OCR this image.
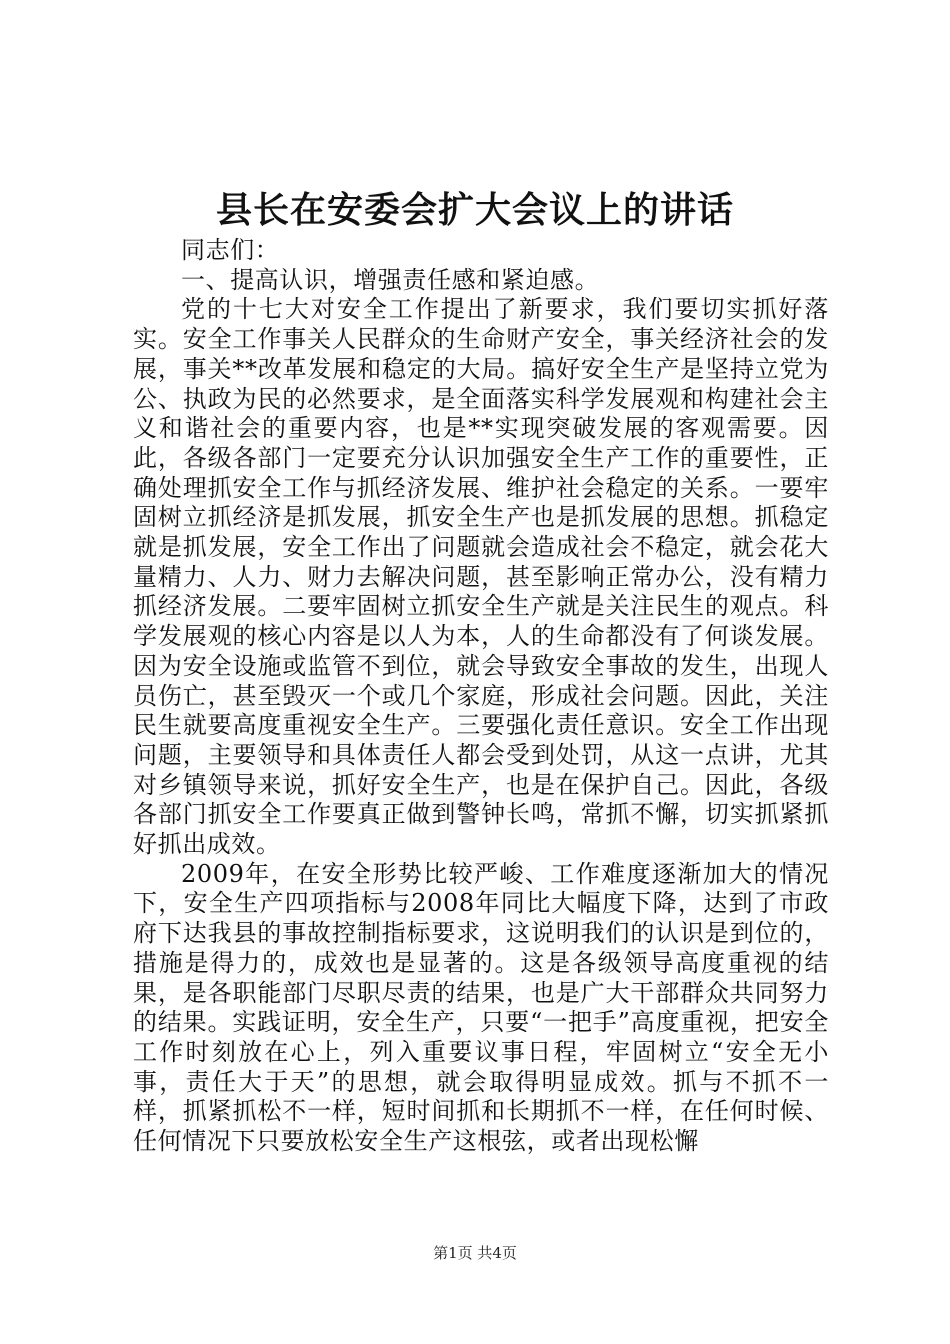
县长在安委会扩大会议上的讲话

同志们：

一、提高认识，增强责任感和紧迫感。

党的十七大对安全工作提出了新要求，我们要切实抓好落实。安全工作事关人民群众的生命财产安全，事关经济社会的发展，事关**改革发展和稳定的大局。搞好安全生产是坚持立党为公、执政为民的必然要求，是全面落实科学发展观和构建社会主义和谐社会的重要内容，也是**实现突破发展的客观需要。因此，各级各部门一定要充分认识加强安全生产工作的重要性，正确处理抓安全工作与抓经济发展、维护社会稳定的关系。一要牢固树立抓经济是抓发展，抓安全生产也是抓发展的思想。抓稳定就是抓发展，安全工作出了问题就会造成社会不稳定，就会花大量精力、人力、财力去解决问题，甚至影响正常办公，没有精力抓经济发展。二要牢固树立抓安全生产就是关注民生的观点。科学发展观的核心内容是以人为本，人的生命都没有了何谈发展。因为安全设施或监管不到位，就会导致安全事故的发生，出现人员伤亡，甚至毁灭一个或几个家庭，形成社会问题。因此，关注民生就要高度重视安全生产。三要强化责任意识。安全工作出现问题，主要领导和具体责任人都会受到处罚，从这一点讲，尤其对乡镇领导来说，抓好安全生产，也是在保护自己。因此，各级各部门抓安全工作要真正做到警钟长鸣，常抓不懈，切实抓紧抓好抓出成效。

2009年，在安全形势比较严峻、工作难度逐渐加大的情况下，安全生产四项指标与2008年同比大幅度下降，达到了市政府下达我县的事故控制指标要求，这说明我们的认识是到位的，措施是得力的，成效也是显著的。这是各级领导高度重视的结果，是各职能部门尽职尽责的结果，也是广大干部群众共同努力的结果。实践证明，安全生产，只要“一把手”高度重视，把安全工作时刻放在心上，列入重要议事日程，牢固树立“安全无小事，责任大于天”的思想，就会取得明显成效。抓与不抓不一样，抓紧抓松不一样，短时间抓和长期抓不一样，在任何时候、任何情况下只要放松安全生产这根弦，或者出现松懈

第1页 共4页
